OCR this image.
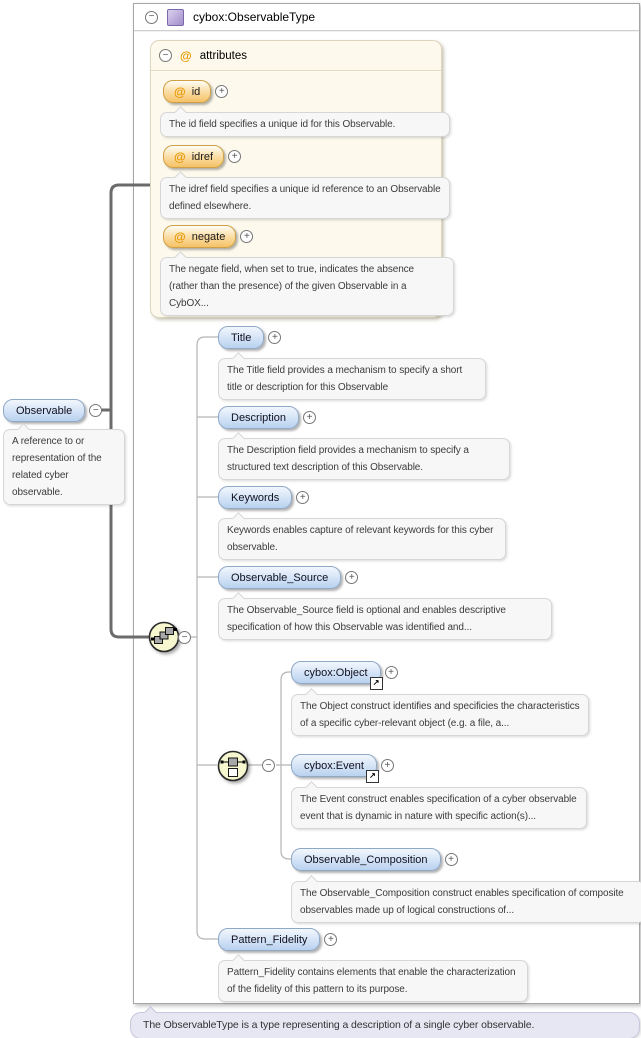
−	cybox:ObservableType
− @ attributes
@ id	+
The id field specifies a unique id for this Observable.
@ idref	+
The idref field specifies a unique id reference to an Observable defined elsewhere.
@ negate	+
The negate field, when set to true, indicates the absence (rather than the presence) of the given Observable in a CybOX...
Observable	−
A reference to or representation of the related cyber observable.
−
Title	+
The Title field provides a mechanism to specify a short title or description for this Observable
Description	+
The Description field provides a mechanism to specify a structured text description of this Observable.
Keywords	+
Keywords enables capture of relevant keywords for this cyber observable.
Observable_Source	+
The Observable_Source field is optional and enables descriptive specification of how this Observable was identified and...
−
cybox:Object
↗
+
The Object construct identifies and specificies the characteristics of a specific cyber-relevant object (e.g. a file, a...
cybox:Event
↗
+
The Event construct enables specification of a cyber observable event that is dynamic in nature with specific action(s)...
Observable_Composition	+
The Observable_Composition construct enables specification of composite observables made up of logical constructions of...
Pattern_Fidelity	+
Pattern_Fidelity contains elements that enable the characterization of the fidelity of this pattern to its purpose.
The ObservableType is a type representing a description of a single cyber observable.
